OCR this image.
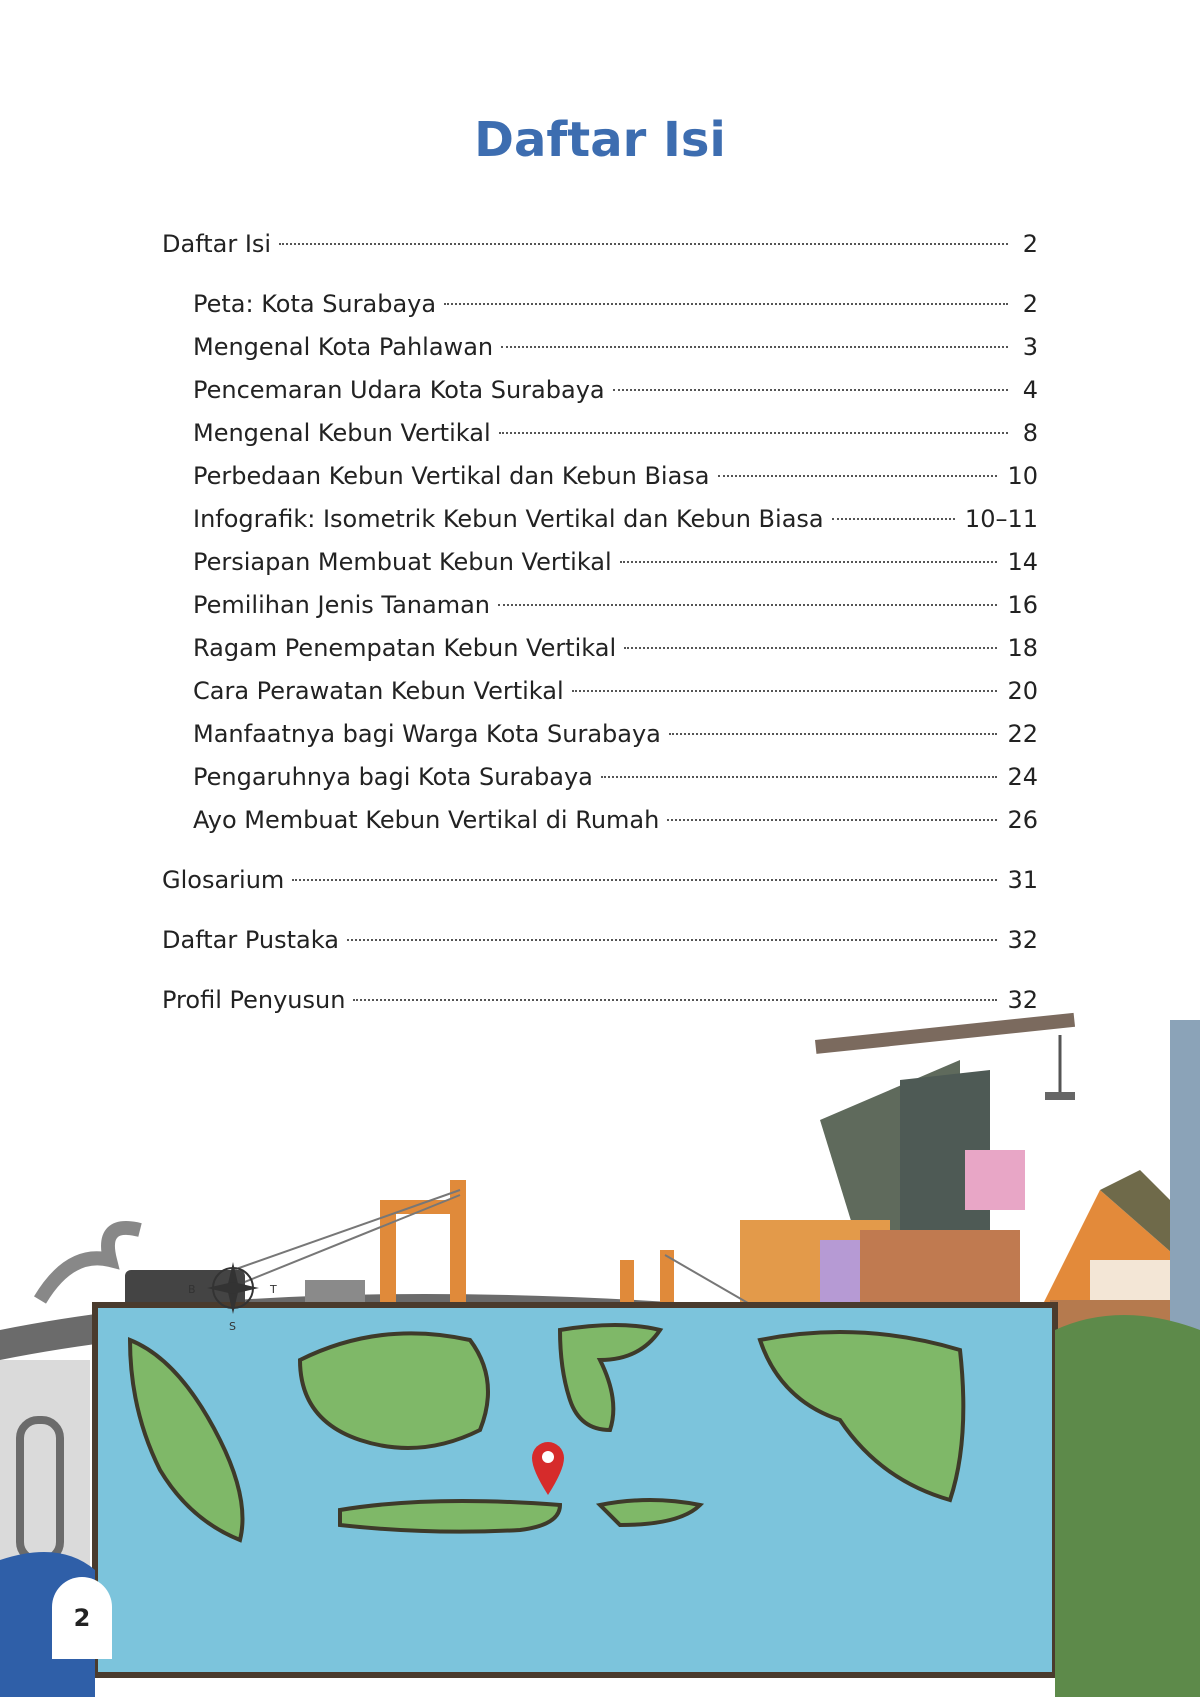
Daftar Isi
Daftar Isi	2
Peta: Kota Surabaya	2
Mengenal Kota Pahlawan	3
Pencemaran Udara Kota Surabaya	4
Mengenal Kebun Vertikal	8
Perbedaan Kebun Vertikal dan Kebun Biasa	10
Infografik: Isometrik Kebun Vertikal dan Kebun Biasa	10–11
Persiapan Membuat Kebun Vertikal	14
Pemilihan Jenis Tanaman	16
Ragam Penempatan Kebun Vertikal	18
Cara Perawatan Kebun Vertikal	20
Manfaatnya bagi Warga Kota Surabaya	22
Pengaruhnya bagi Kota Surabaya	24
Ayo Membuat Kebun Vertikal di Rumah	26
Glosarium	31
Daftar Pustaka	32
Profil Penyusun	32
B	T
S
2
